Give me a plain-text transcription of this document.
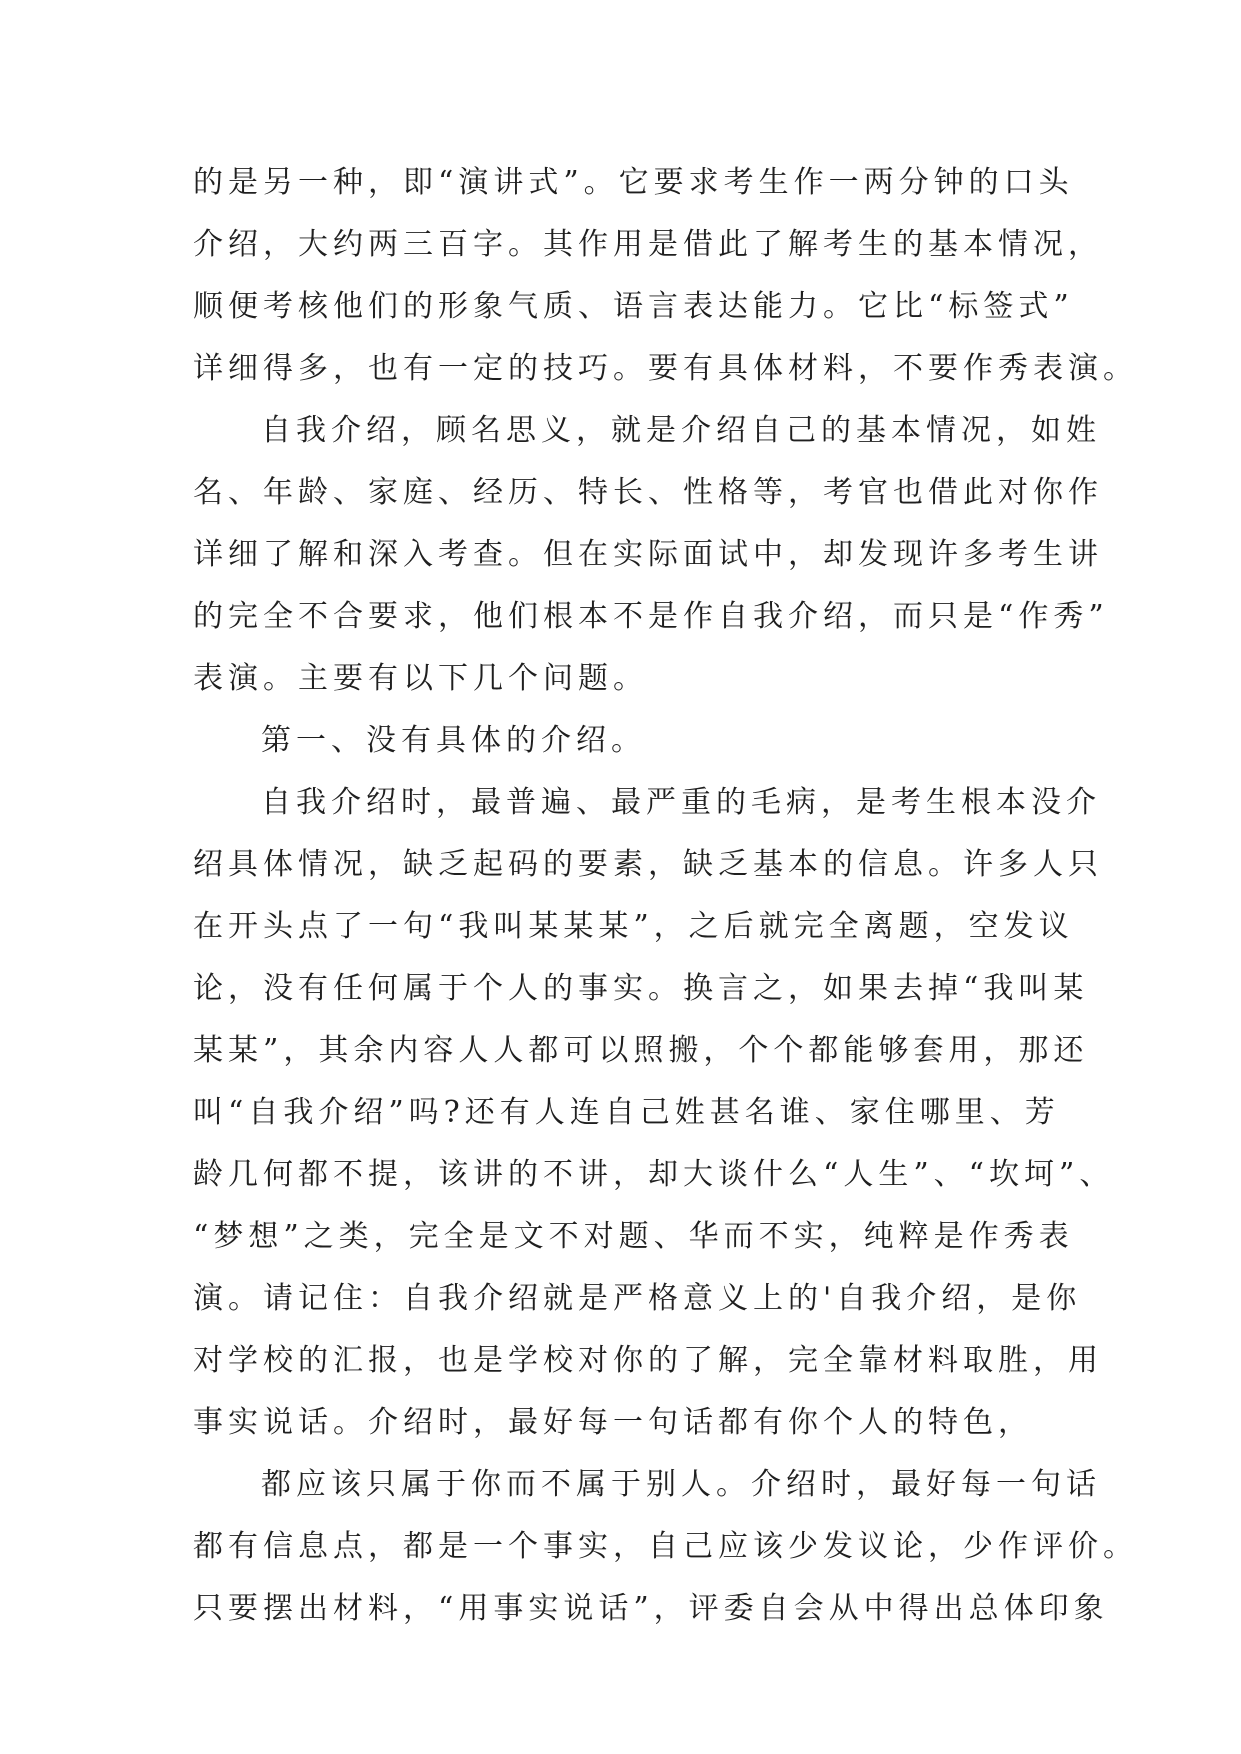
的是另一种，即“演讲式”。它要求考生作一两分钟的口头
介绍，大约两三百字。其作用是借此了解考生的基本情况，
顺便考核他们的形象气质、语言表达能力。它比“标签式”
详细得多，也有一定的技巧。要有具体材料，不要作秀表演。
自我介绍，顾名思义，就是介绍自己的基本情况，如姓
名、年龄、家庭、经历、特长、性格等，考官也借此对你作
详细了解和深入考查。但在实际面试中，却发现许多考生讲
的完全不合要求，他们根本不是作自我介绍，而只是“作秀”
表演。主要有以下几个问题。
第一、没有具体的介绍。
自我介绍时，最普遍、最严重的毛病，是考生根本没介
绍具体情况，缺乏起码的要素，缺乏基本的信息。许多人只
在开头点了一句“我叫某某某”，之后就完全离题，空发议
论，没有任何属于个人的事实。换言之，如果去掉“我叫某
某某”，其余内容人人都可以照搬，个个都能够套用，那还
叫“自我介绍”吗?还有人连自己姓甚名谁、家住哪里、芳
龄几何都不提，该讲的不讲，却大谈什么“人生”、“坎坷”、
“梦想”之类，完全是文不对题、华而不实，纯粹是作秀表
演。请记住：自我介绍就是严格意义上的'自我介绍，是你
对学校的汇报，也是学校对你的了解，完全靠材料取胜，用
事实说话。介绍时，最好每一句话都有你个人的特色，
都应该只属于你而不属于别人。介绍时，最好每一句话
都有信息点，都是一个事实，自己应该少发议论，少作评价。
只要摆出材料，“用事实说话”，评委自会从中得出总体印象
